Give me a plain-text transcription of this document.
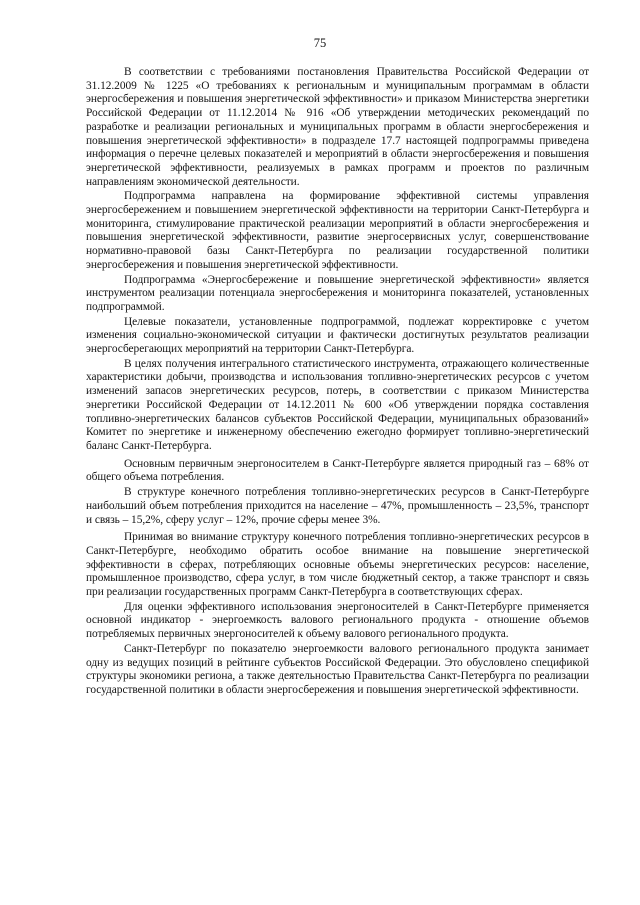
75

В соответствии с требованиями постановления Правительства Российской Федерации от 31.12.2009 № 1225 «О требованиях к региональным и муниципальным программам в области энергосбережения и повышения энергетической эффективности» и приказом Министерства энергетики Российской Федерации от 11.12.2014 № 916 «Об утверждении методических рекомендаций по разработке и реализации региональных и муниципальных программ в области энергосбережения и повышения энергетической эффективности» в подразделе 17.7 настоящей подпрограммы приведена информация о перечне целевых показателей и мероприятий в области энергосбережения и повышения энергетической эффективности, реализуемых в рамках программ и проектов по различным направлениям экономической деятельности.

Подпрограмма направлена на формирование эффективной системы управления энергосбережением и повышением энергетической эффективности на территории Санкт-Петербурга и мониторинга, стимулирование практической реализации мероприятий в области энергосбережения и повышения энергетической эффективности, развитие энергосервисных услуг, совершенствование нормативно-правовой базы Санкт-Петербурга по реализации государственной политики энергосбережения и повышения энергетической эффективности.

Подпрограмма «Энергосбережение и повышение энергетической эффективности» является инструментом реализации потенциала энергосбережения и мониторинга показателей, установленных подпрограммой.

Целевые показатели, установленные подпрограммой, подлежат корректировке с учетом изменения социально-экономической ситуации и фактически достигнутых результатов реализации энергосберегающих мероприятий на территории Санкт-Петербурга.

В целях получения интегрального статистического инструмента, отражающего количественные характеристики добычи, производства и использования топливно-энергетических ресурсов с учетом изменений запасов энергетических ресурсов, потерь, в соответствии с приказом Министерства энергетики Российской Федерации от 14.12.2011 № 600 «Об утверждении порядка составления топливно-энергетических балансов субъектов Российской Федерации, муниципальных образований» Комитет по энергетике и инженерному обеспечению ежегодно формирует топливно-энергетический баланс Санкт-Петербурга.

Основным первичным энергоносителем в Санкт-Петербурге является природный газ – 68% от общего объема потребления.

В структуре конечного потребления топливно-энергетических ресурсов в Санкт-Петербурге наибольший объем потребления приходится на население – 47%, промышленность – 23,5%, транспорт и связь – 15,2%, сферу услуг – 12%, прочие сферы менее 3%.

Принимая во внимание структуру конечного потребления топливно-энергетических ресурсов в Санкт-Петербурге, необходимо обратить особое внимание на повышение энергетической эффективности в сферах, потребляющих основные объемы энергетических ресурсов: население, промышленное производство, сфера услуг, в том числе бюджетный сектор, а также транспорт и связь при реализации государственных программ Санкт-Петербурга в соответствующих сферах.

Для оценки эффективного использования энергоносителей в Санкт-Петербурге применяется основной индикатор - энергоемкость валового регионального продукта - отношение объемов потребляемых первичных энергоносителей к объему валового регионального продукта.

Санкт-Петербург по показателю энергоемкости валового регионального продукта занимает одну из ведущих позиций в рейтинге субъектов Российской Федерации. Это обусловлено спецификой структуры экономики региона, а также деятельностью Правительства Санкт-Петербурга по реализации государственной политики в области энергосбережения и повышения энергетической эффективности.
